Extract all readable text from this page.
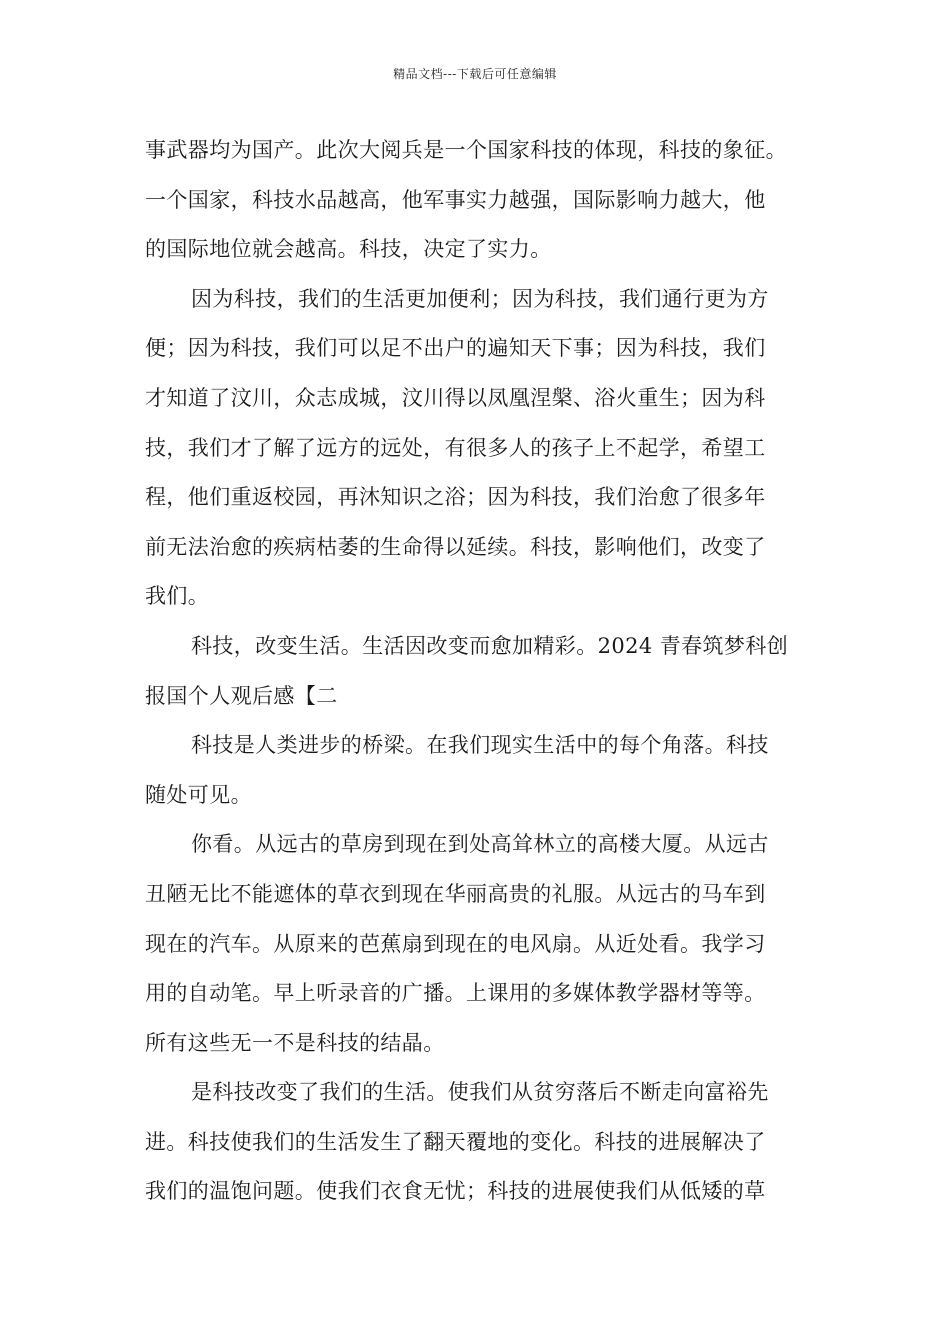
精品文档---下载后可任意编辑
事武器均为国产。此次大阅兵是一个国家科技的体现，科技的象征。
一个国家，科技水品越高，他军事实力越强，国际影响力越大，他
的国际地位就会越高。科技，决定了实力。
因为科技，我们的生活更加便利；因为科技，我们通行更为方
便；因为科技，我们可以足不出户的遍知天下事；因为科技，我们
才知道了汶川，众志成城，汶川得以凤凰涅槃、浴火重生；因为科
技，我们才了解了远方的远处，有很多人的孩子上不起学，希望工
程，他们重返校园，再沐知识之浴；因为科技，我们治愈了很多年
前无法治愈的疾病枯萎的生命得以延续。科技，影响他们，改变了
我们。
科技，改变生活。生活因改变而愈加精彩。2024 青春筑梦科创
报国个人观后感【二
科技是人类进步的桥梁。在我们现实生活中的每个角落。科技
随处可见。
你看。从远古的草房到现在到处高耸林立的高楼大厦。从远古
丑陋无比不能遮体的草衣到现在华丽高贵的礼服。从远古的马车到
现在的汽车。从原来的芭蕉扇到现在的电风扇。从近处看。我学习
用的自动笔。早上听录音的广播。上课用的多媒体教学器材等等。
所有这些无一不是科技的结晶。
是科技改变了我们的生活。使我们从贫穷落后不断走向富裕先
进。科技使我们的生活发生了翻天覆地的变化。科技的进展解决了
我们的温饱问题。使我们衣食无忧；科技的进展使我们从低矮的草
